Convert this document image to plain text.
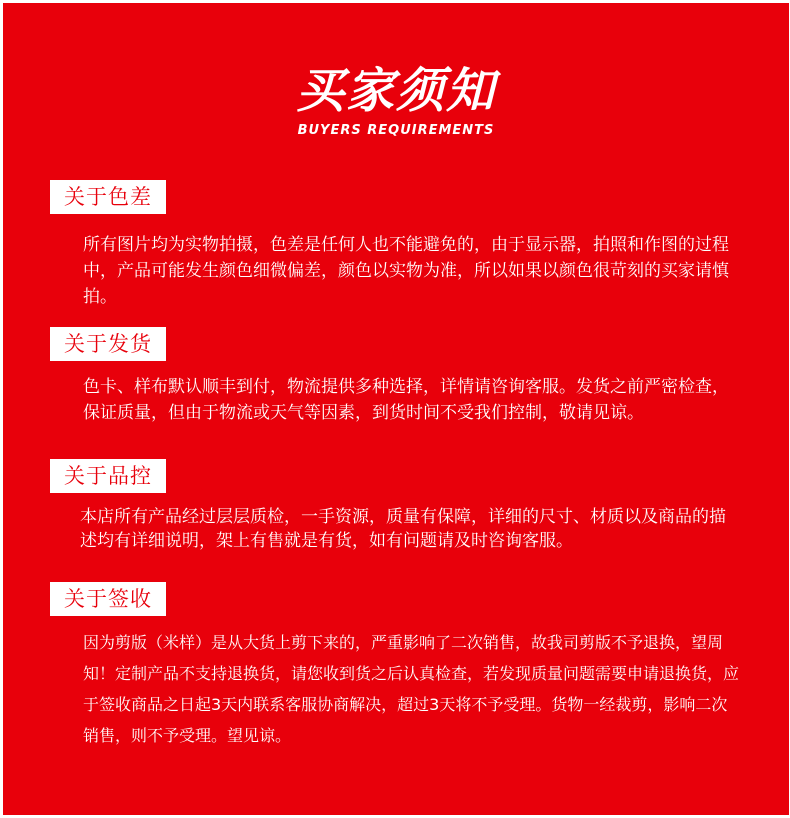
买家须知
BUYERS REQUIREMENTS
关于色差

所有图片均为实物拍摄，色差是任何人也不能避免的，由于显示器，拍照和作图的过程中，产品可能发生颜色细微偏差，颜色以实物为准，所以如果以颜色很苛刻的买家请慎拍。

关于发货

色卡、样布默认顺丰到付，物流提供多种选择，详情请咨询客服。发货之前严密检查，保证质量，但由于物流或天气等因素，到货时间不受我们控制，敬请见谅。

关于品控

本店所有产品经过层层质检，一手资源，质量有保障，详细的尺寸、材质以及商品的描述均有详细说明，架上有售就是有货，如有问题请及时咨询客服。

关于签收

因为剪版（米样）是从大货上剪下来的，严重影响了二次销售，故我司剪版不予退换，望周知！定制产品不支持退换货，请您收到货之后认真检查，若发现质量问题需要申请退换货，应于签收商品之日起3天内联系客服协商解决，超过3天将不予受理。货物一经裁剪，影响二次销售，则不予受理。望见谅。
